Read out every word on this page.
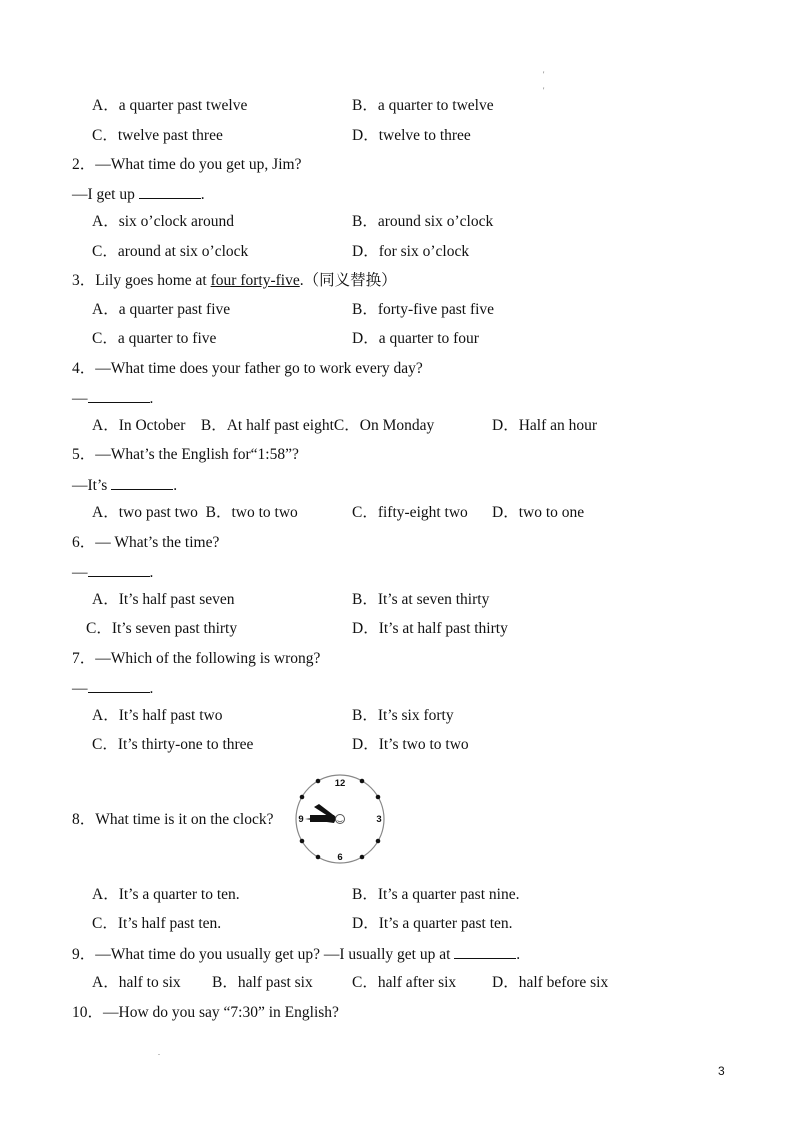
'
'
.
A．a quarter past twelve	B．a quarter to twelve
C．twelve past three	D．twelve to three
2．—What time do you get up, Jim?
—I get up	.
A．six o’clock around	B．around six o’clock
C．around at six o’clock	D．for six o’clock
3．Lily goes home at four forty-five.（同义替换）
A．a quarter past five	B．forty-five past five
C．a quarter to five	D．a quarter to four
4．—What time does your father go to work every day?
—	.
A．In October    B．At half past eightC．On Monday	D．Half an hour
5．—What’s the English for“1:58”?
—It’s	.
A．two past two  B．two to two	C．fifty-eight two D．two to one
6．— What’s the time?
—	.
A．It’s half past seven	B．It’s at seven thirty
C．It’s seven past thirty	D．It’s at half past thirty
7．—Which of the following is wrong?
—	.
A．It’s half past two	B．It’s six forty
C．It’s thirty-one to three	D．It’s two to two
8．What time is it on the clock?
12
3
6
9
A．It’s a quarter to ten.	B．It’s a quarter past nine.
C．It’s half past ten.	D．It’s a quarter past ten.
9．—What time do you usually get up? —I usually get up at	.
A．half to six B．half past six	C．half after six D．half before six
10．—How do you say “7:30” in English?
3
